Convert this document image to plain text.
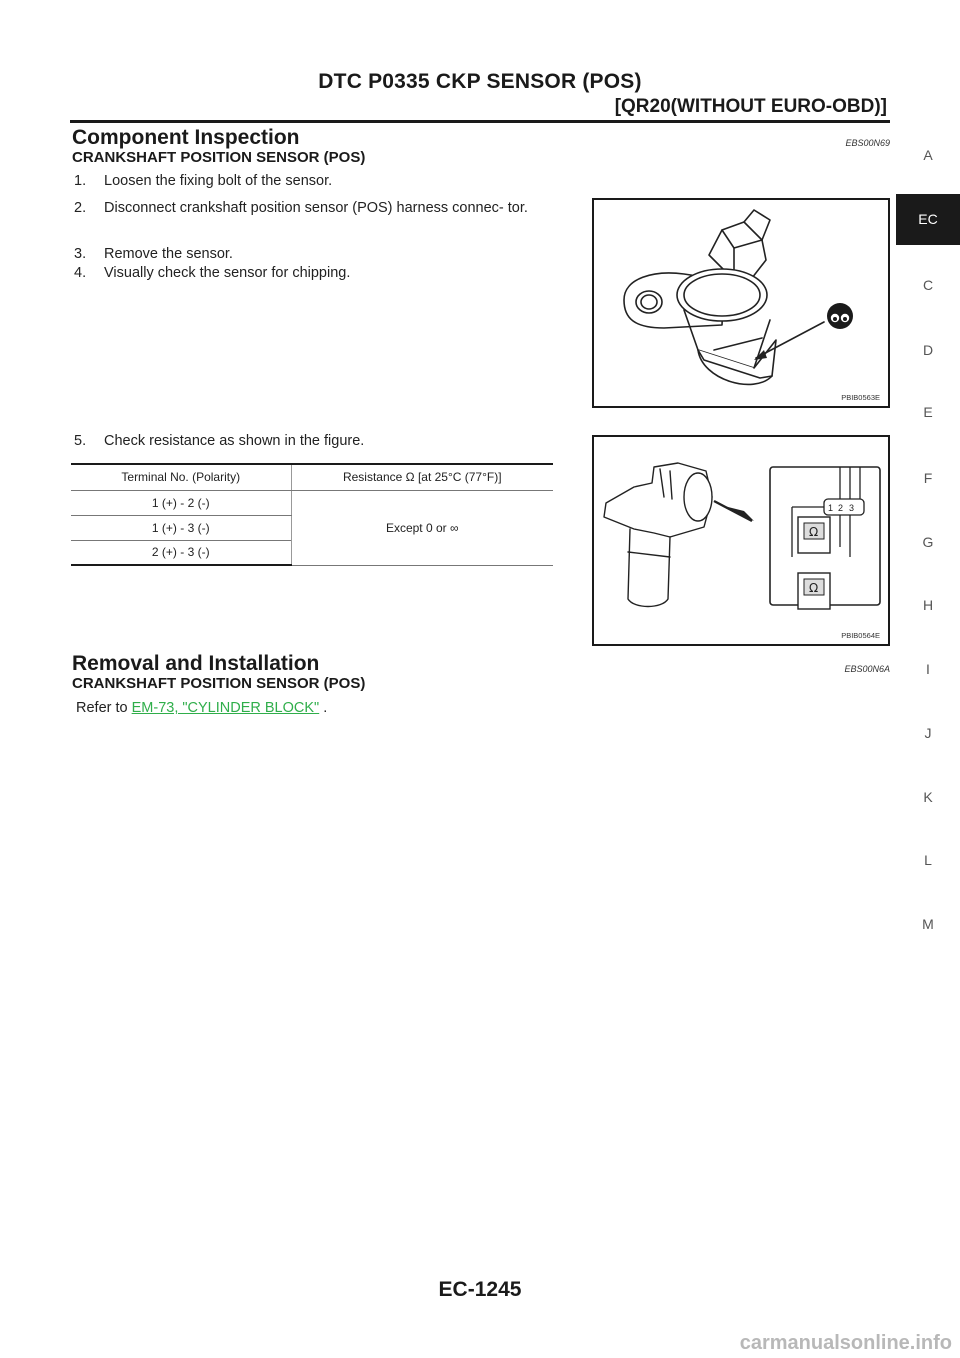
DTC P0335 CKP SENSOR (POS)
[QR20(WITHOUT EURO-OBD)]
Component Inspection	EBS00N69
CRANKSHAFT POSITION SENSOR (POS)
1. Loosen the fixing bolt of the sensor.
2. Disconnect crankshaft position sensor (POS) harness connec- tor.
3. Remove the sensor.
4. Visually check the sensor for chipping.
PBIB0563E
5. Check resistance as shown in the figure.
Terminal No. (Polarity)	Resistance Ω [at 25°C (77°F)]
1 (+) - 2 (-)	Except 0 or ∞
1 (+) - 3 (-)	
2 (+) - 3 (-)	
1 2 3
Ω
Ω
PBIB0564E
Removal and Installation	EBS00N6A
CRANKSHAFT POSITION SENSOR (POS)
Refer to EM-73, "CYLINDER BLOCK" .
A
C
D
E
F
G
H
I
J
K
L
M
EC
EC-1245
carmanualsonline.info
